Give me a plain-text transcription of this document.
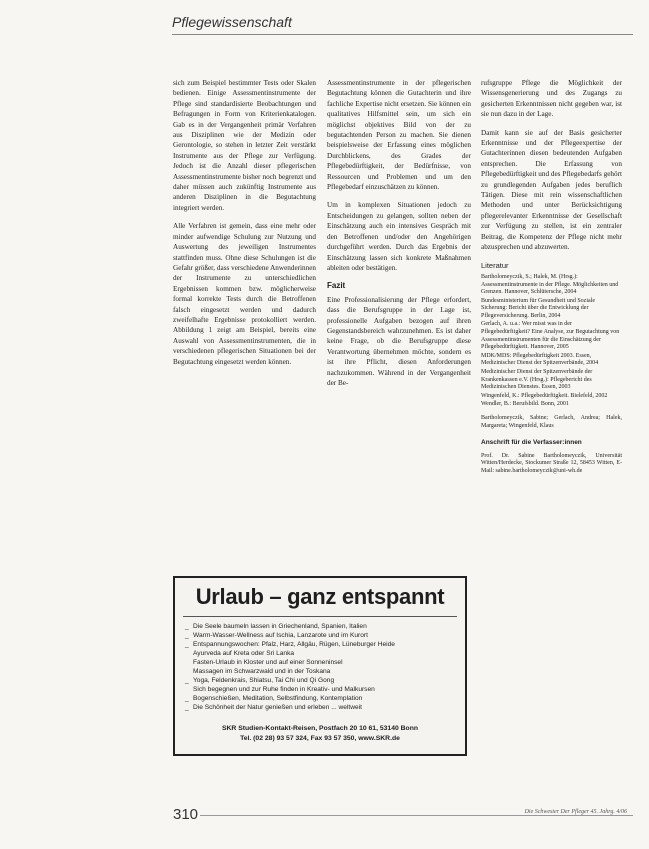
Pflegewissenschaft

sich zum Beispiel bestimmter Tests oder Skalen bedienen. Einige Assessmentinstrumente der Pflege sind standardisierte Beobachtungen und Befragungen in Form von Kriterienkatalogen. Gab es in der Vergangenheit primär Verfahren aus Disziplinen wie der Medizin oder Gerontologie, so stehen in letzter Zeit verstärkt Instrumente aus der Pflege zur Verfügung. Jedoch ist die Anzahl dieser pflegerischen Assessmentinstrumente bisher noch begrenzt und daher müssen auch zukünftig Instrumente aus anderen Disziplinen in die Begutachtung integriert werden.

Alle Verfahren ist gemein, dass eine mehr oder minder aufwendige Schulung zur Nutzung und Auswertung des jeweiligen Instrumentes stattfinden muss. Ohne diese Schulungen ist die Gefahr größer, dass verschiedene Anwenderinnen der Instrumente zu unterschiedlichen Ergebnissen kommen bzw. möglicherweise formal korrekte Tests durch die Betroffenen falsch eingesetzt werden und dadurch zweifelhafte Ergebnisse protokolliert werden. Abbildung 1 zeigt am Beispiel, bereits eine Auswahl von Assessmentinstrumenten, die in verschiedenen pflegerischen Situationen bei der Begutachtung eingesetzt werden können.

Assessmentinstrumente in der pflegerischen Begutachtung können die Gutachterin und ihre fachliche Expertise nicht ersetzen. Sie können ein qualitatives Hilfsmittel sein, um sich ein möglichst objektives Bild von der zu begutachtenden Person zu machen. Sie dienen beispielsweise der Erfassung eines möglichen Durchblickens, des Grades der Pflegebedürftigkeit, der Bedürfnisse, von Ressourcen und Problemen und um den Pflegebedarf einzuschätzen zu können.

Um in komplexen Situationen jedoch zu Entscheidungen zu gelangen, sollten neben der Einschätzung auch ein intensives Gespräch mit den Betroffenen und/oder den Angehörigen durchgeführt werden. Durch das Ergebnis der Einschätzung lassen sich konkrete Maßnahmen ableiten oder bestätigen.

Fazit

Eine Professionalisierung der Pflege erfordert, dass die Berufsgruppe in der Lage ist, professionelle Aufgaben bezogen auf ihren Gegenstandsbereich wahrzunehmen. Es ist daher keine Frage, ob die Berufsgruppe diese Verantwortung übernehmen möchte, sondern es ist ihre Pflicht, diesen Anforderungen nachzukommen. Während in der Vergangenheit der Be-

rufsgruppe Pflege die Möglichkeit der Wissensgenerierung und des Zugangs zu gesicherten Erkenntnissen nicht gegeben war, ist sie nun dazu in der Lage.

Damit kann sie auf der Basis gesicherter Erkenntnisse und der Pflegeexpertise der Gutachterinnen diesen bedeutenden Aufgaben entsprechen. Die Erfassung von Pflegebedürftigkeit und des Pflegebedarfs gehört zu grundlegenden Aufgaben jedes beruflich Tätigen. Diese mit rein wissenschaftlichen Methoden und unter Berücksichtigung pflegerelevanter Erkenntnisse der Gesellschaft zur Verfügung zu stellen, ist ein zentraler Beitrag, die Kompetenz der Pflege nicht mehr abzusprechen und abzuwerten.

Literatur
Bartholomeyczik, S.; Halek, M. (Hrsg.): Assessmentinstrumente in der Pflege. Möglichkeiten und Grenzen. Hannover, Schlütersche, 2004
Bundesministerium für Gesundheit und Soziale Sicherung: Bericht über die Entwicklung der Pflegeversicherung. Berlin, 2004
Gerlach, A. u.a.: Wer misst was in der Pflegebedürftigkeit? Eine Analyse, zur Begutachtung von Assessmentinstrumenten für die Einschätzung der Pflegebedürftigkeit. Hannover, 2005
MDK/MDS: Pflegebedürftigkeit 2003. Essen, Medizinischer Dienst der Spitzenverbände, 2004
Medizinischer Dienst der Spitzenverbände der Krankenkassen e.V. (Hrsg.): Pflegebericht des Medizinischen Dienstes. Essen, 2003
Wingenfeld, K.: Pflegebedürftigkeit. Bielefeld, 2002
Wendler, B.: Berufsbild. Bonn, 2001
Bartholomeyczik, Sabine; Gerlach, Andrea; Halek, Margareta; Wingenfeld, Klaus
Anschrift für die Verfasser:innen
Prof. Dr. Sabine Bartholomeyczik, Universität Witten/Herdecke, Stockumer Straße 12, 58453 Witten, E-Mail: sabine.bartholomeyczik@uni-wh.de
Urlaub – ganz entspannt
_ Die Seele baumeln lassen in Griechenland, Spanien, Italien
_ Warm-Wasser-Wellness auf Ischia, Lanzarote und im Kurort
_ Entspannungswochen: Pfalz, Harz, Allgäu, Rügen, Lüneburger Heide
Ayurveda auf Kreta oder Sri Lanka
Fasten-Urlaub in Kloster und auf einer Sonneninsel
Massagen im Schwarzwald und in der Toskana
_ Yoga, Feldenkrais, Shiatsu, Tai Chi und Qi Gong
Sich begegnen und zur Ruhe finden in Kreativ- und Malkursen
_ Bogenschießen, Meditation, Selbstfindung, Kontemplation
_ Die Schönheit der Natur genießen und erleben ... weltweit
SKR Studien-Kontakt-Reisen, Postfach 20 10 61, 53140 Bonn
Tel. (02 28) 93 57 324, Fax 93 57 350, www.SKR.de
310	Die Schwester Der Pfleger 45. Jahrg. 4/06
